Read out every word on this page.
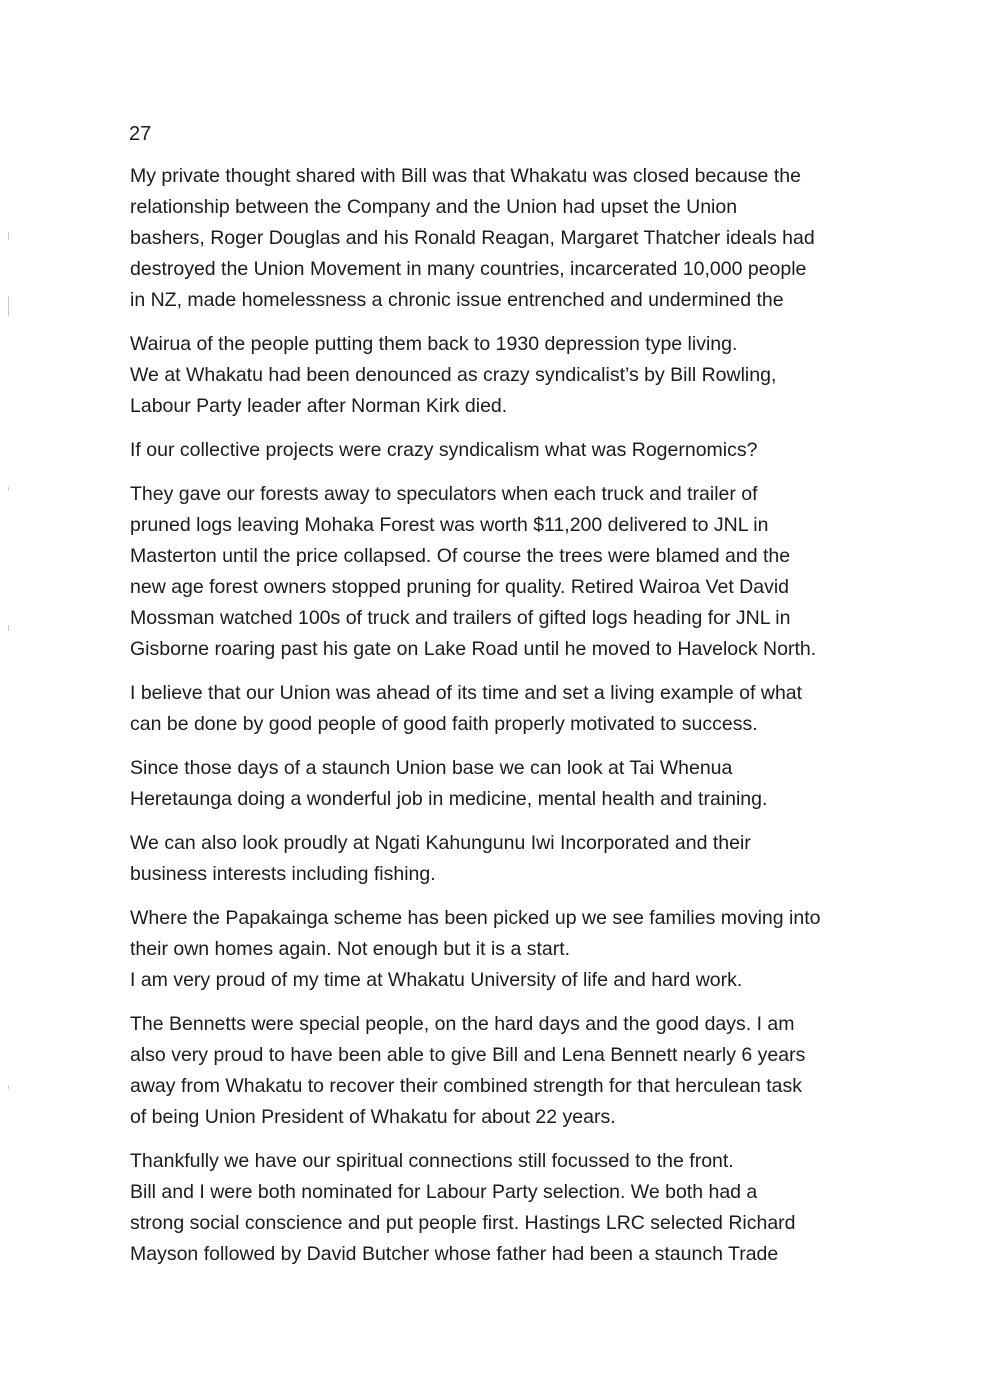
27
My private thought shared with Bill was that Whakatu was closed because the
relationship between the Company and the Union had upset the Union
bashers, Roger Douglas and his Ronald Reagan, Margaret Thatcher ideals had
destroyed the Union Movement in many countries, incarcerated 10,000 people
in NZ, made homelessness a chronic issue entrenched and undermined the
Wairua of the people putting them back to 1930 depression type living.
We at Whakatu had been denounced as crazy syndicalist’s by Bill Rowling,
Labour Party leader after Norman Kirk died.
If our collective projects were crazy syndicalism what was Rogernomics?
They gave our forests away to speculators when each truck and trailer of
pruned logs leaving Mohaka Forest was worth $11,200 delivered to JNL in
Masterton until the price collapsed. Of course the trees were blamed and the
new age forest owners stopped pruning for quality. Retired Wairoa Vet David
Mossman watched 100s of truck and trailers of gifted logs heading for JNL in
Gisborne roaring past his gate on Lake Road until he moved to Havelock North.
I believe that our Union was ahead of its time and set a living example of what
can be done by good people of good faith properly motivated to success.
Since those days of a staunch Union base we can look at Tai Whenua
Heretaunga doing a wonderful job in medicine, mental health and training.
We can also look proudly at Ngati Kahungunu Iwi Incorporated and their
business interests including fishing.
Where the Papakainga scheme has been picked up we see families moving into
their own homes again. Not enough but it is a start.
I am very proud of my time at Whakatu University of life and hard work.
The Bennetts were special people, on the hard days and the good days. I am
also very proud to have been able to give Bill and Lena Bennett nearly 6 years
away from Whakatu to recover their combined strength for that herculean task
of being Union President of Whakatu for about 22 years.
Thankfully we have our spiritual connections still focussed to the front.
Bill and I were both nominated for Labour Party selection. We both had a
strong social conscience and put people first. Hastings LRC selected Richard
Mayson followed by David Butcher whose father had been a staunch Trade
